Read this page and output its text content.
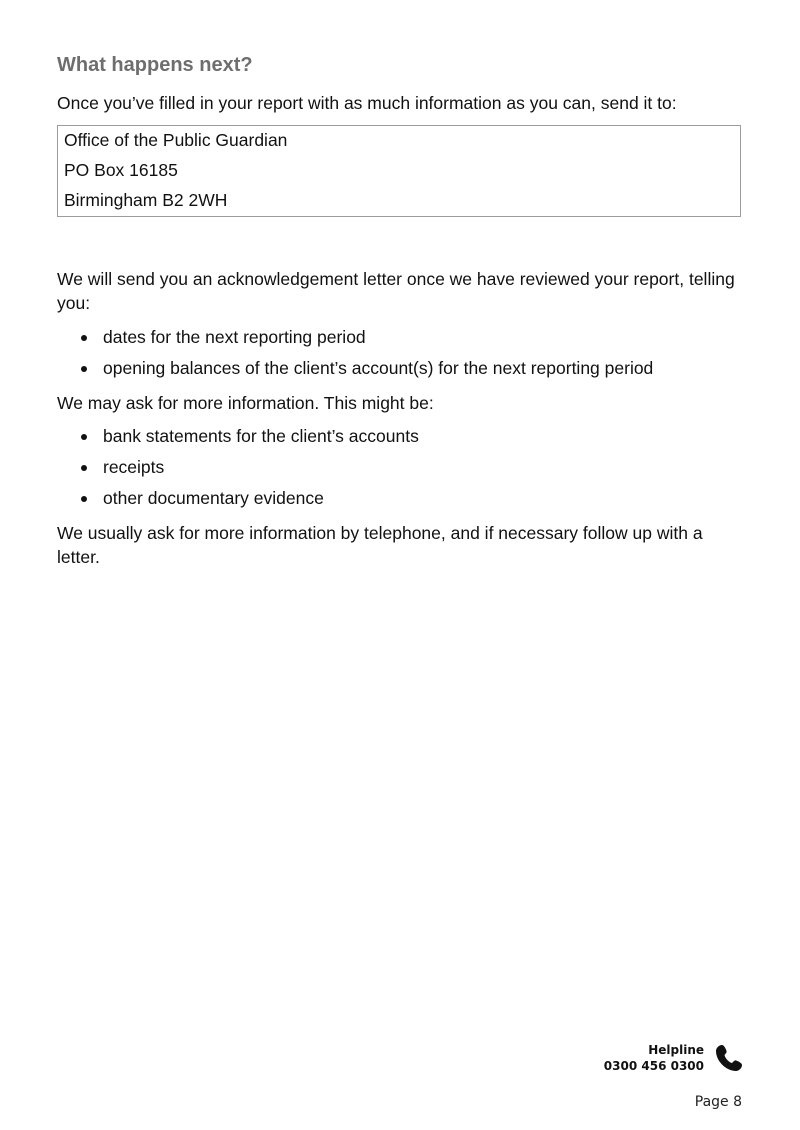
What happens next?

Once you’ve filled in your report with as much information as you can, send it to:

Office of the Public Guardian
PO Box 16185
Birmingham B2 2WH

We will send you an acknowledgement letter once we have reviewed your report, telling you:

dates for the next reporting period
opening balances of the client’s account(s) for the next reporting period

We may ask for more information. This might be:

bank statements for the client’s accounts
receipts
other documentary evidence

We usually ask for more information by telephone, and if necessary follow up with a letter.

Helpline
0300 456 0300
Page 8
